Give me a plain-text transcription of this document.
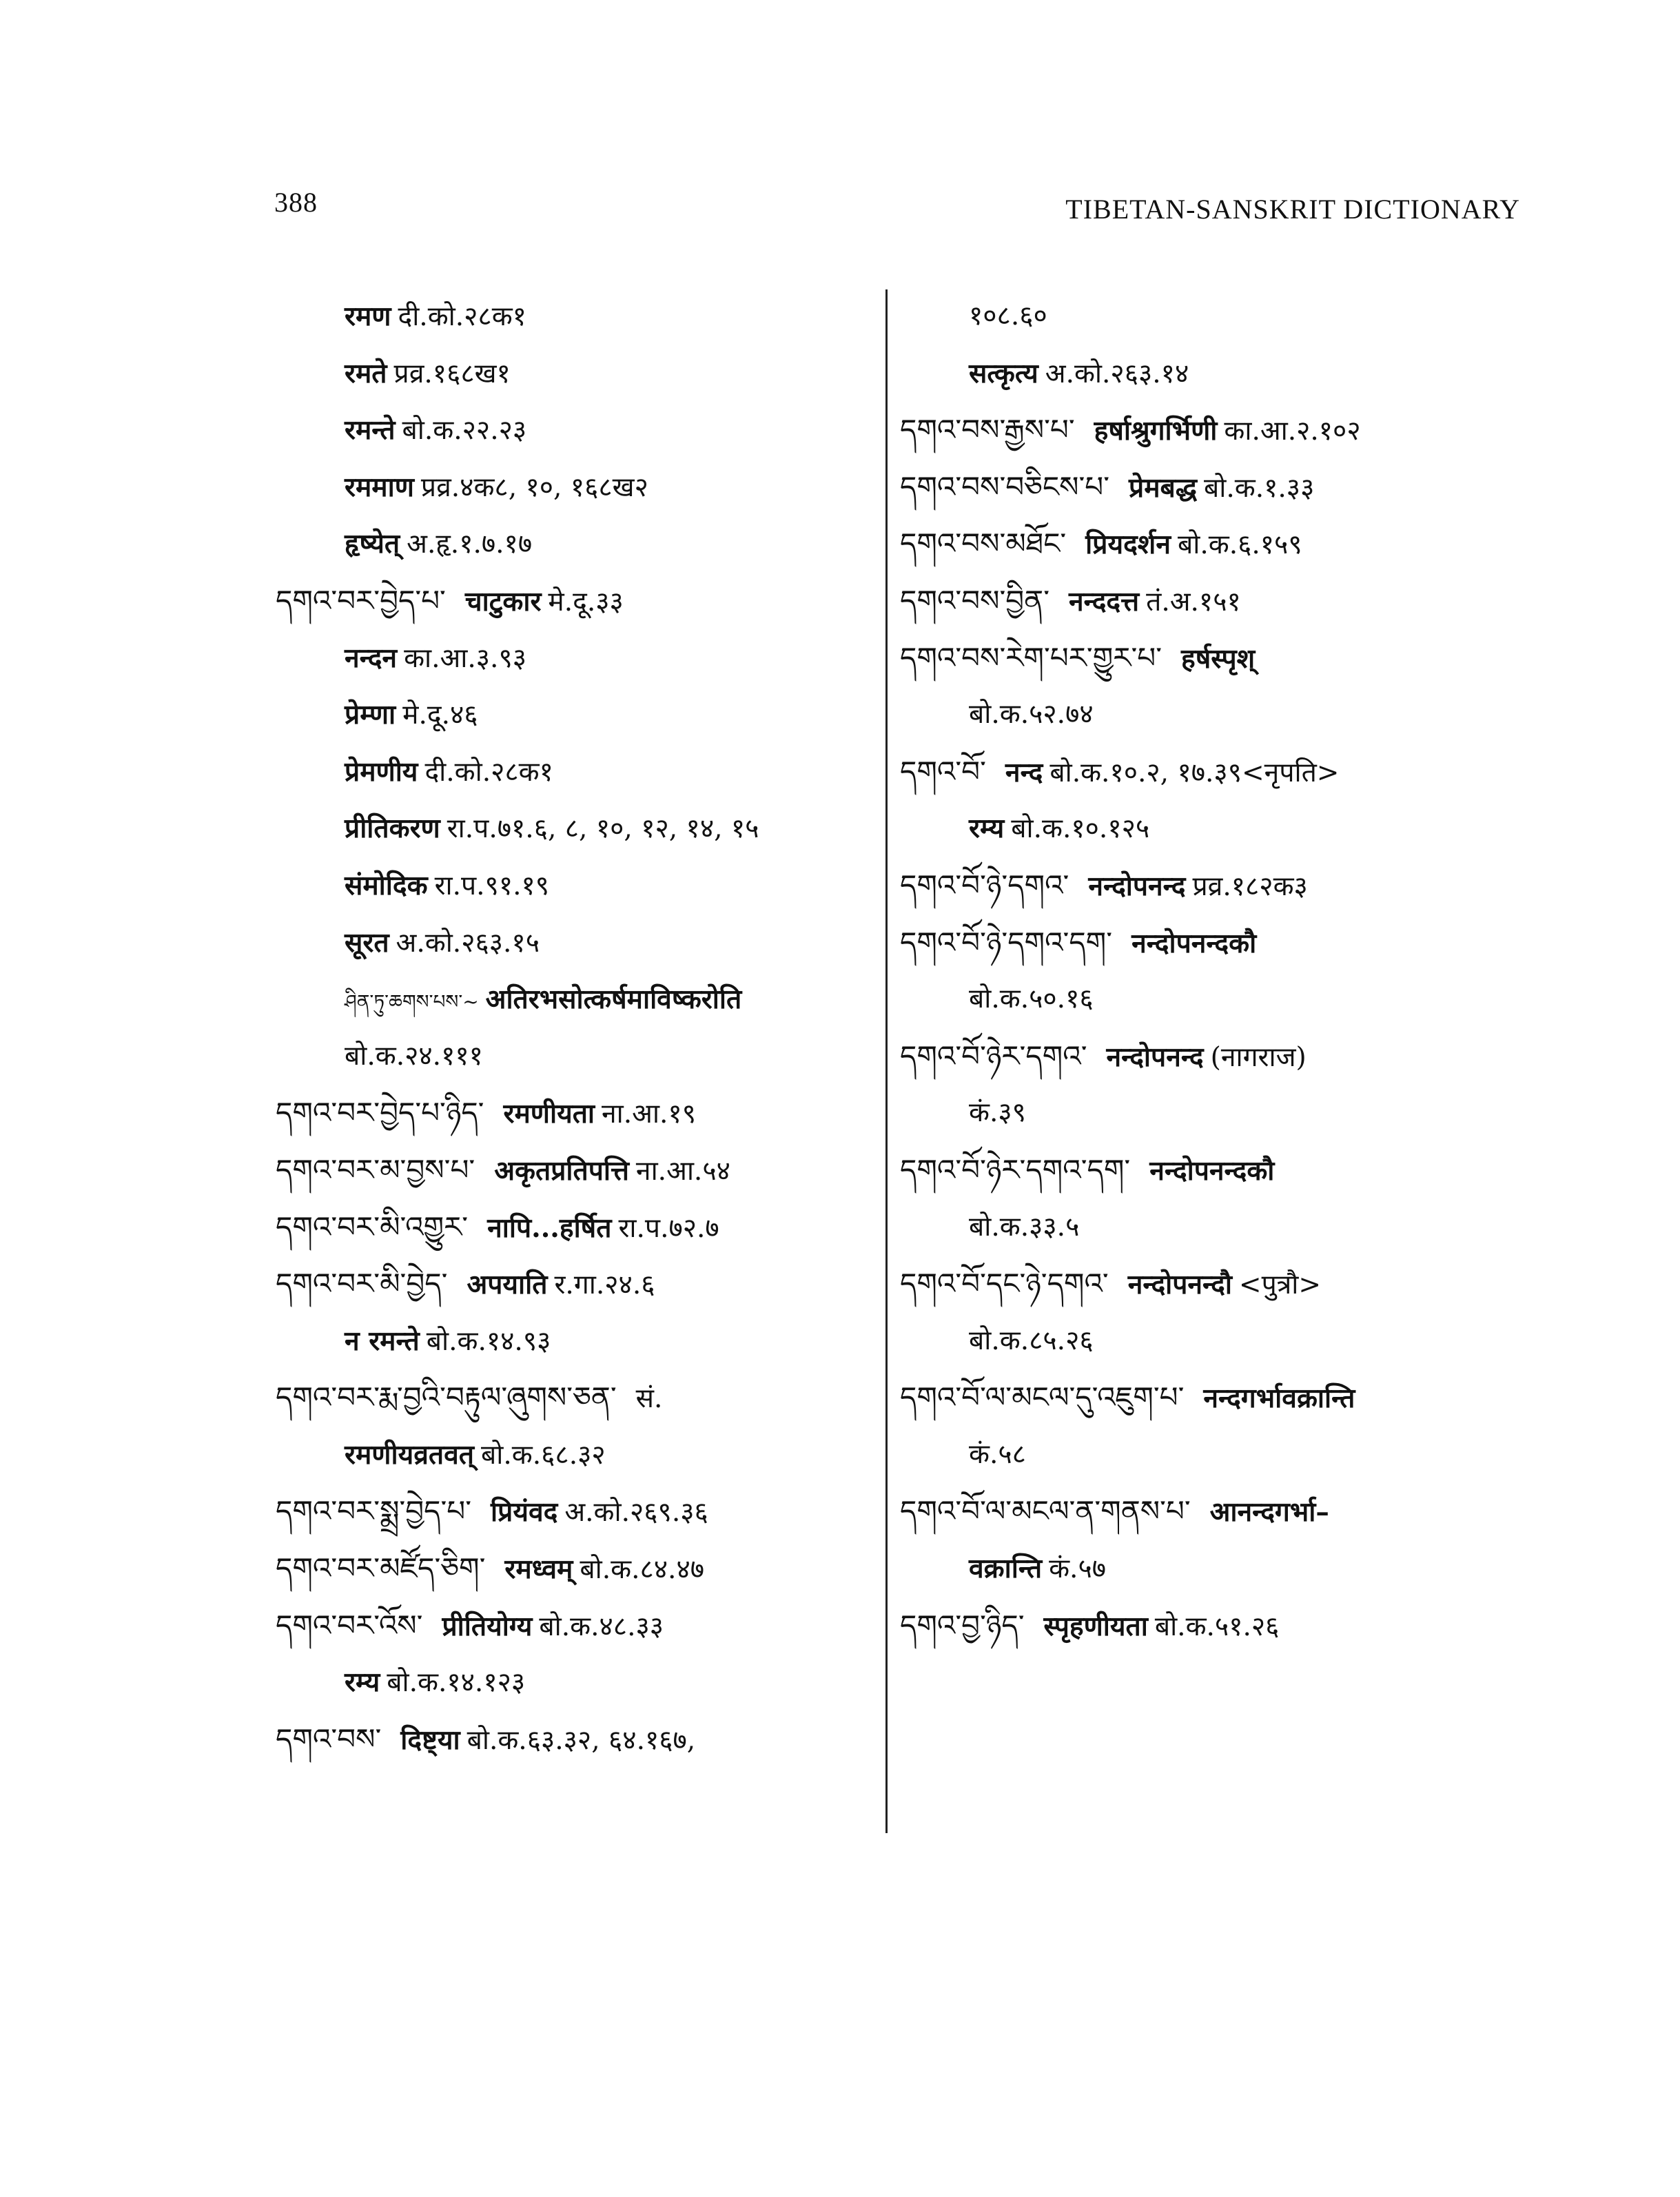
388	TIBETAN-SANSKRIT DICTIONARY
रमण दी.को.२८क१
रमते प्रव्र.१६८ख१
रमन्ते बो.क.२२.२३
रममाण प्रव्र.४क८, १०, १६८ख२
हृष्येत् अ.हृ.१.७.१७
དགའ་བར་བྱེད་པ་ चाटुकार मे.दू.३३
नन्दन का.आ.३.९३
प्रेम्णा मे.दू.४६
प्रेमणीय दी.को.२८क१
प्रीतिकरण रा.प.७१.६, ८, १०, १२, १४, १५
संमोदिक रा.प.९१.१९
सूरत अ.को.२६३.१५
ཤིན་ཏུ་ཆགས་པས་~ अतिरभसोत्कर्षमाविष्करोति
बो.क.२४.१११
དགའ་བར་བྱེད་པ་ཉིད་ रमणीयता ना.आ.१९
དགའ་བར་མ་བྱས་པ་ अकृतप्रतिपत्ति ना.आ.५४
དགའ་བར་མི་འགྱུར་ नापि...हर्षित रा.प.७२.७
དགའ་བར་མི་བྱེད་ अपयाति र.गा.२४.६
न रमन्ते बो.क.१४.९३
དགའ་བར་རྨ་བྱའི་བརྟུལ་ཞུགས་ཅན་ सं.
रमणीयव्रतवत् बो.क.६८.३२
དགའ་བར་སྨྲ་བྱེད་པ་ प्रियंवद अ.को.२६९.३६
དགའ་བར་མཛོད་ཅིག་ रमध्वम् बो.क.८४.४७
དགའ་བར་འོས་ प्रीतियोग्य बो.क.४८.३३
रम्य बो.क.१४.१२३
དགའ་བས་ दिष्ट्या बो.क.६३.३२, ६४.१६७,
१०८.६०
सत्कृत्य अ.को.२६३.१४
དགའ་བས་རྒྱས་པ་ हर्षाश्रुगर्भिणी का.आ.२.१०२
དགའ་བས་བཅིངས་པ་ प्रेमबद्ध बो.क.१.३३
དགའ་བས་མཐོང་ प्रियदर्शन बो.क.६.१५९
དགའ་བས་བྱིན་ नन्ददत्त तं.अ.१५१
དགའ་བས་རེག་པར་གྱུར་པ་ हर्षस्पृश्
बो.क.५२.७४
དགའ་བོ་ नन्द बो.क.१०.२, १७.३९<नृपति>
रम्य बो.क.१०.१२५
དགའ་བོ་ཉེ་དགའ་ नन्दोपनन्द प्रव्र.१८२क३
དགའ་བོ་ཉེ་དགའ་དག་ नन्दोपनन्दकौ
बो.क.५०.१६
དགའ་བོ་ཉེར་དགའ་ नन्दोपनन्द (नागराज)
कं.३९
དགའ་བོ་ཉེར་དགའ་དག་ नन्दोपनन्दकौ
बो.क.३३.५
དགའ་བོ་དང་ཉེ་དགའ་ नन्दोपनन्दौ <पुत्रौ>
बो.क.८५.२६
དགའ་བོ་ལ་མངལ་དུ་འཇུག་པ་ नन्दगर्भावक्रान्ति
कं.५८
དགའ་བོ་ལ་མངལ་ན་གནས་པ་ आनन्दगर्भा–
वक्रान्ति कं.५७
དགའ་བྱ་ཉིད་ स्पृहणीयता बो.क.५१.२६
